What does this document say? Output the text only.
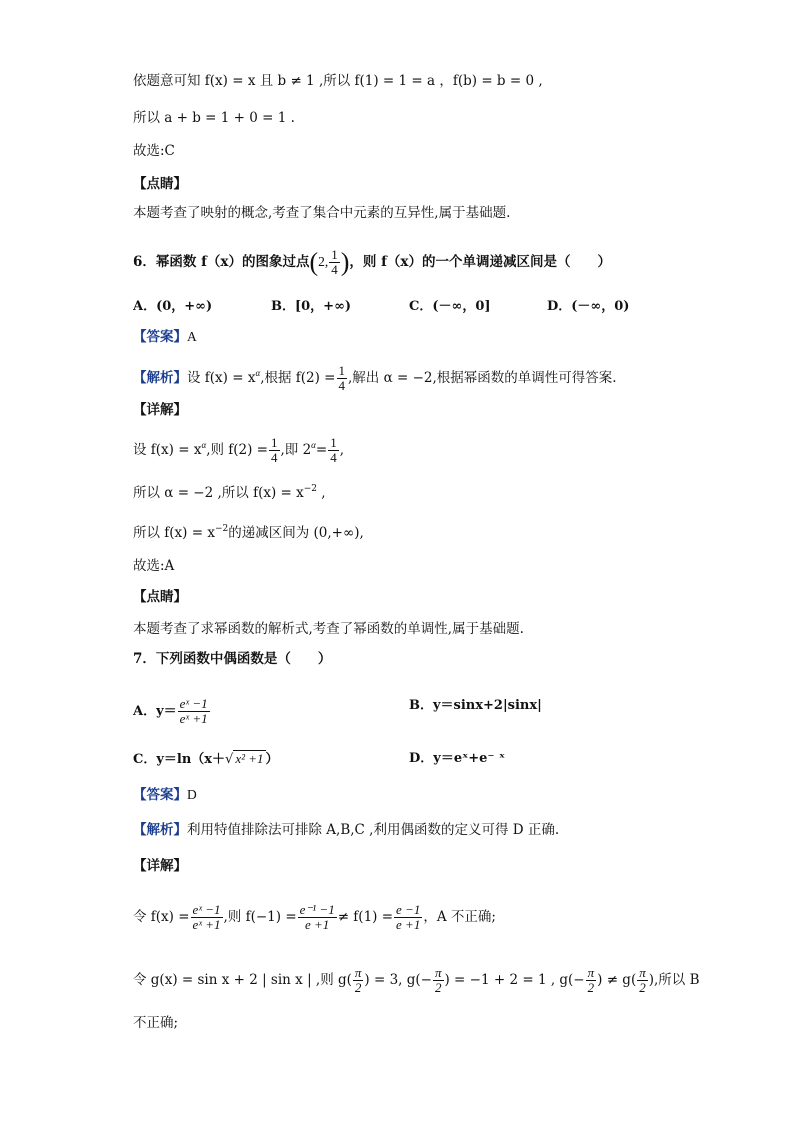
依题意可知 f(x) = x 且 b ≠ 1 ,所以 f(1) = 1 = a ，f(b) = b = 0 ,
所以 a + b = 1 + 0 = 1 .
故选:C
【点睛】
本题考查了映射的概念,考查了集合中元素的互异性,属于基础题.
6．幂函数 f（x）的图象过点(2, $\frac{1}{4}$ )，则 f（x）的一个单调递减区间是（　　）
A．(0，+∞)	B．[0，+∞)	C．(－∞，0]	D．(－∞，0)
【答案】A
【解析】设 $f(x) = x^\alpha$,根据 $f(2) = \frac{1}{4}$ ,解出 α = −2,根据幂函数的单调性可得答案.
【详解】
设 $f(x) = x^\alpha$,则 $f(2) = \frac{1}{4}$ ,即 $2^\alpha= \frac{1}{4}$ ,
所以 α = −2 ,所以 $f(x) = x^{-2}$ ,
所以 $f(x) = x^{-2}$的递减区间为 (0,+∞),
故选:A
【点睛】
本题考查了求幂函数的解析式,考查了幂函数的单调性,属于基础题.
7．下列函数中偶函数是（　　）
A．$y= \frac{\text{eˣ −1}}{\text{eˣ +1}}$	B．y＝sinx+2|sinx|
C．y＝ln（x＋√ x² +1 ）	D．y＝eˣ+e⁻ ˣ
【答案】D
【解析】利用特值排除法可排除 A,B,C ,利用偶函数的定义可得 D 正确.
【详解】
令 $f(x) = \frac{\text{eˣ −1}}{\text{eˣ +1}}$ ,则 $f(-1) = \frac{\text{e⁻¹ −1}}{e +1} \ne f(1) = \frac{e -1}{e +1}$ ，A 不正确;
令 g(x) = sin x + 2 | sin x | ,则 $g( \frac{\pi}{2}$ ) = 3, $g(- \frac{\pi}{2}$ ) = −1 + 2 = 1 , $g(- \frac{\pi}{2}$ ) ≠ $g( \frac{\pi}{2}$ ),所以 B
不正确;
